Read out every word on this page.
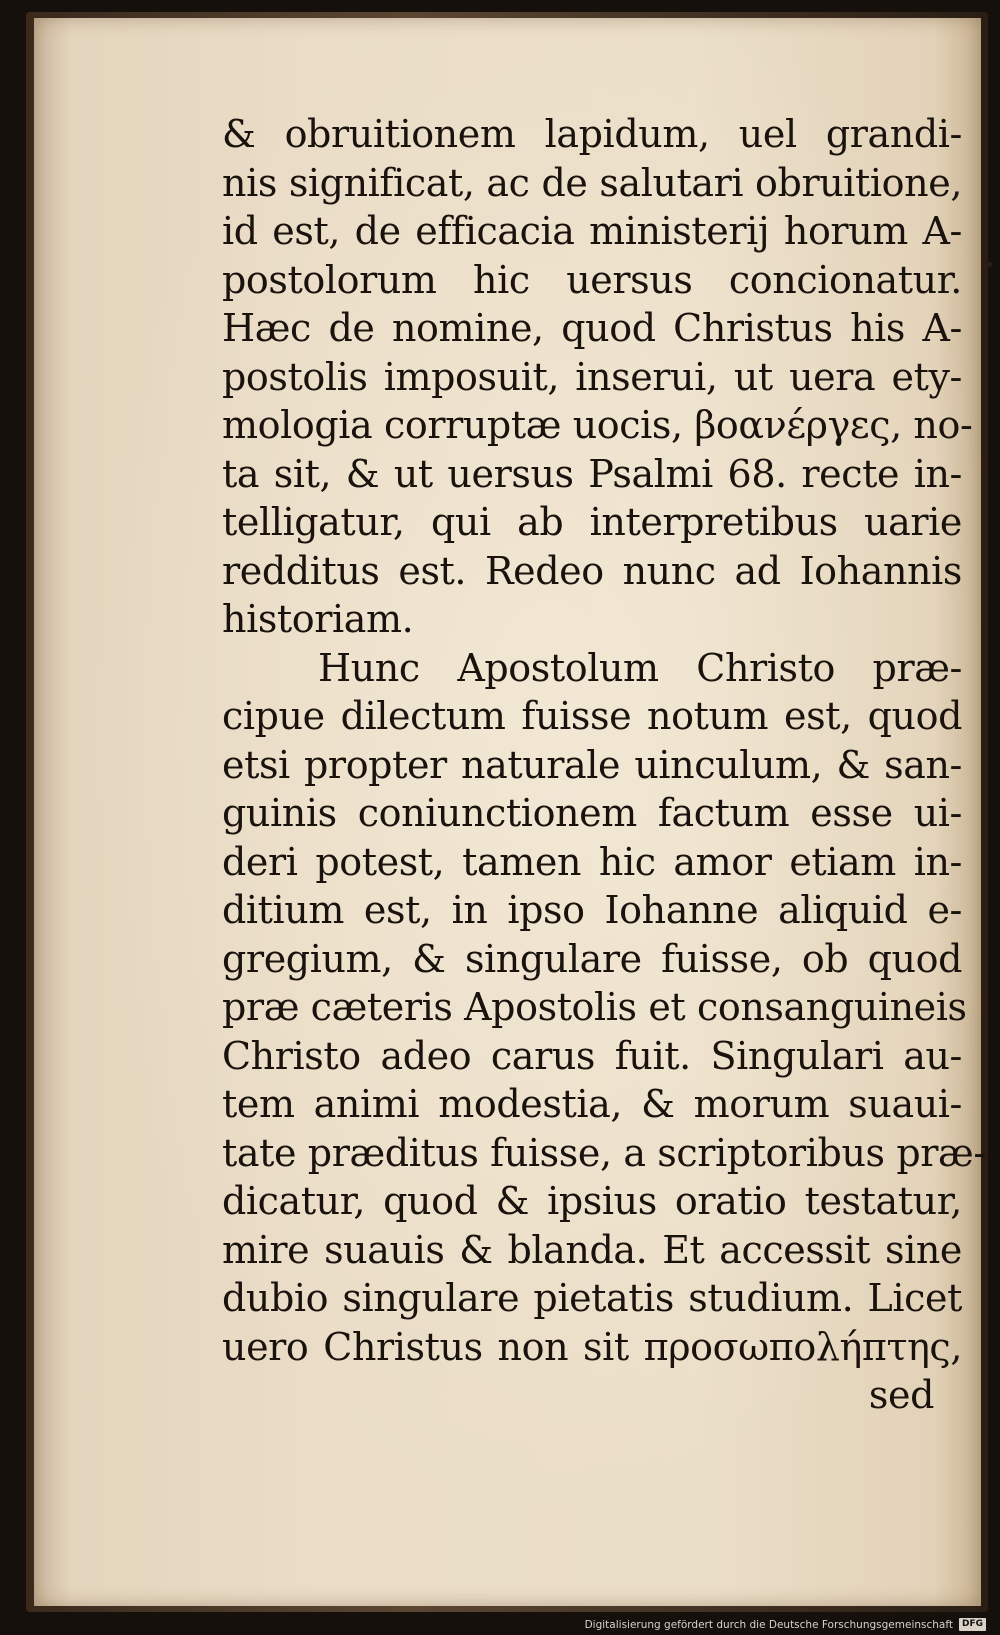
& obruitionem lapidum, uel grandi-
nis significat, ac de salutari obruitione,
id est, de efficacia ministerij horum A-
postolorum hic uersus concionatur.
Hæc de nomine, quod Christus his A-
postolis imposuit, inserui, ut uera ety-
mologia corruptæ uocis, βοανέργες, no-
ta sit, & ut uersus Psalmi 68. recte in-
telligatur, qui ab interpretibus uarie
redditus est. Redeo nunc ad Iohannis
historiam.
Hunc Apostolum Christo præ-
cipue dilectum fuisse notum est, quod
etsi propter naturale uinculum, & san-
guinis coniunctionem factum esse ui-
deri potest, tamen hic amor etiam in-
ditium est, in ipso Iohanne aliquid e-
gregium, & singulare fuisse, ob quod
præ cæteris Apostolis et consanguineis
Christo adeo carus fuit. Singulari au-
tem animi modestia, & morum suaui-
tate præditus fuisse, a scriptoribus præ-
dicatur, quod & ipsius oratio testatur,
mire suauis & blanda. Et accessit sine
dubio singulare pietatis studium. Licet
uero Christus non sit προσωπολήπτης,
sed
Digitalisierung gefördert durch die Deutsche Forschungsgemeinschaft	DFG
